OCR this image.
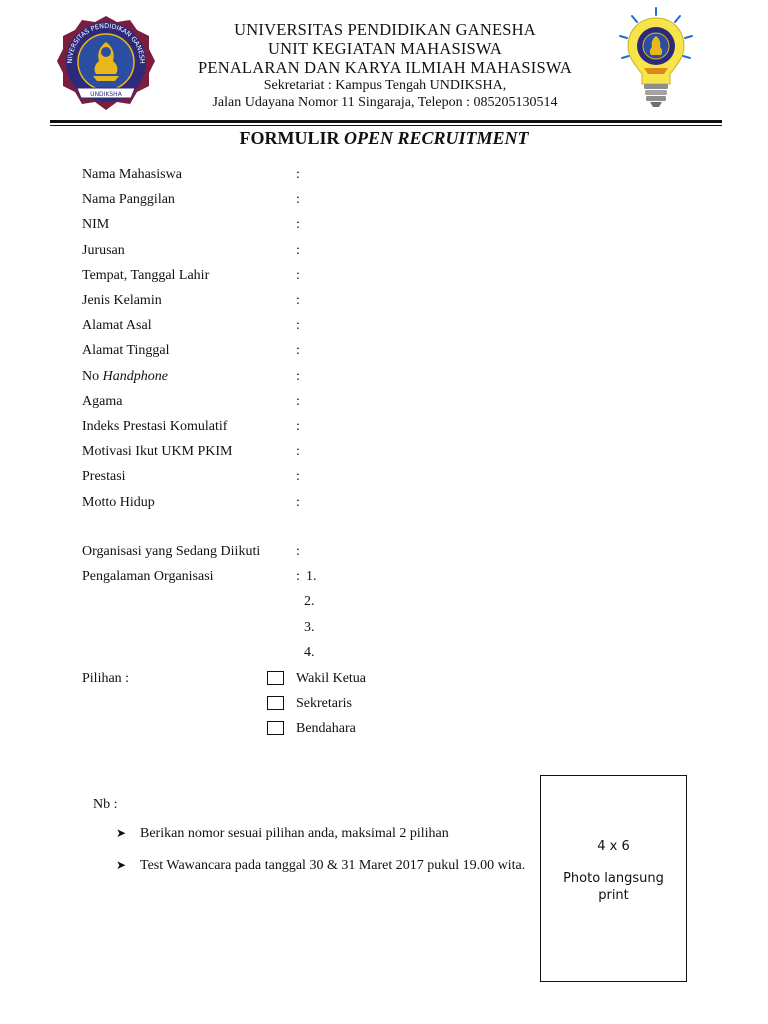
UNIVERSITAS PENDIDIKAN GANESHA
UNDIKSHA
UNIVERSITAS PENDIDIKAN GANESHA
UNIT KEGIATAN MAHASISWA
PENALARAN DAN KARYA ILMIAH MAHASISWA
Sekretariat : Kampus Tengah UNDIKSHA,
Jalan Udayana Nomor 11 Singaraja, Telepon : 085205130514
FORMULIR OPEN RECRUITMENT
Nama Mahasiswa	:
Nama Panggilan	:
NIM	:
Jurusan	:
Tempat, Tanggal Lahir	:
Jenis Kelamin	:
Alamat Asal	:
Alamat Tinggal	:
No Handphone	:
Agama	:
Indeks Prestasi Komulatif	:
Motivasi Ikut UKM PKIM	:
Prestasi	:
Motto Hidup	:
Organisasi yang Sedang Diikuti	:
Pengalaman Organisasi	: 1.
2.
3.
4.
Pilihan :	Wakil Ketua
Sekretaris
Bendahara
Nb :
➤ Berikan nomor sesuai pilihan anda, maksimal 2 pilihan
➤ Test Wawancara pada tanggal 30 & 31 Maret 2017 pukul 19.00 wita.
4 x 6
Photo langsung print
